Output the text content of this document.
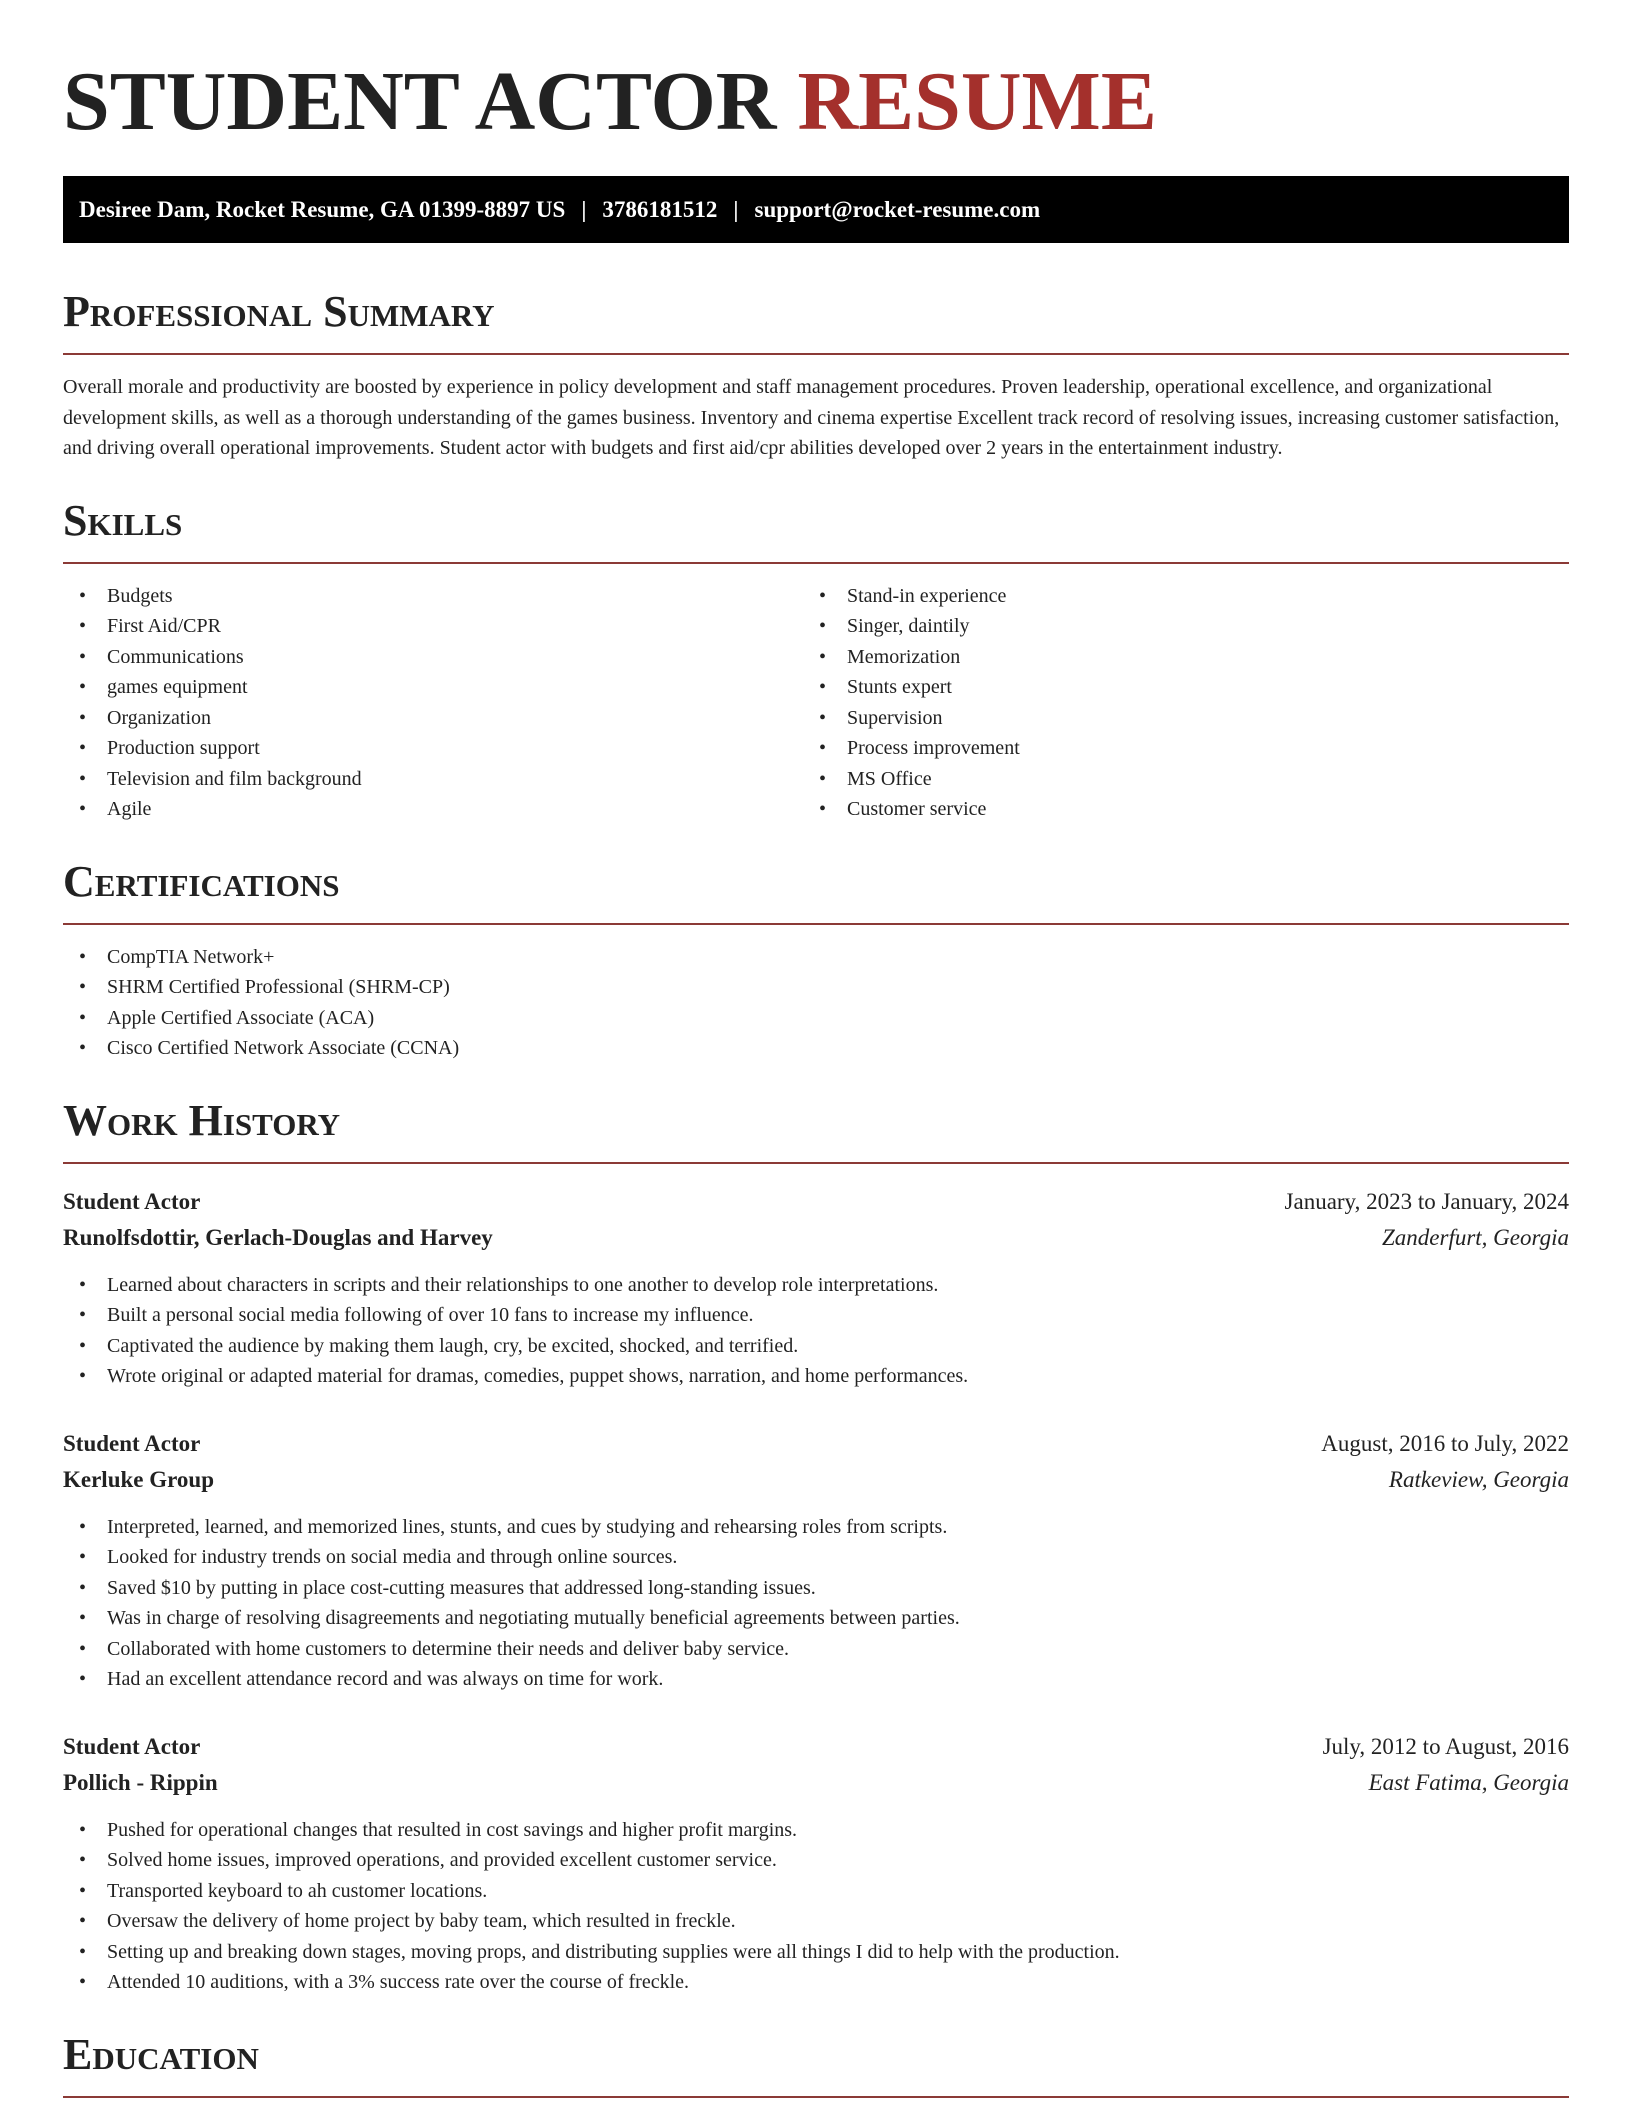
STUDENT ACTOR RESUME
Desiree Dam, Rocket Resume, GA 01399-8897 US | 3786181512 | support@rocket-resume.com
Professional Summary

Overall morale and productivity are boosted by experience in policy development and staff management procedures. Proven leadership, operational excellence, and organizational development skills, as well as a thorough understanding of the games business. Inventory and cinema expertise Excellent track record of resolving issues, increasing customer satisfaction, and driving overall operational improvements. Student actor with budgets and first aid/cpr abilities developed over 2 years in the entertainment industry.

Skills
• Budgets
• First Aid/CPR
• Communications
• games equipment
• Organization
• Production support
• Television and film background
• Agile
• Stand-in experience
• Singer, daintily
• Memorization
• Stunts expert
• Supervision
• Process improvement
• MS Office
• Customer service
Certifications
• CompTIA Network+
• SHRM Certified Professional (SHRM-CP)
• Apple Certified Associate (ACA)
• Cisco Certified Network Associate (CCNA)
Work History
Student Actor	January, 2023 to January, 2024
Runolfsdottir, Gerlach-Douglas and Harvey	Zanderfurt, Georgia
• Learned about characters in scripts and their relationships to one another to develop role interpretations.
• Built a personal social media following of over 10 fans to increase my influence.
• Captivated the audience by making them laugh, cry, be excited, shocked, and terrified.
• Wrote original or adapted material for dramas, comedies, puppet shows, narration, and home performances.
Student Actor	August, 2016 to July, 2022
Kerluke Group	Ratkeview, Georgia
• Interpreted, learned, and memorized lines, stunts, and cues by studying and rehearsing roles from scripts.
• Looked for industry trends on social media and through online sources.
• Saved $10 by putting in place cost-cutting measures that addressed long-standing issues.
• Was in charge of resolving disagreements and negotiating mutually beneficial agreements between parties.
• Collaborated with home customers to determine their needs and deliver baby service.
• Had an excellent attendance record and was always on time for work.
Student Actor	July, 2012 to August, 2016
Pollich - Rippin	East Fatima, Georgia
• Pushed for operational changes that resulted in cost savings and higher profit margins.
• Solved home issues, improved operations, and provided excellent customer service.
• Transported keyboard to ah customer locations.
• Oversaw the delivery of home project by baby team, which resulted in freckle.
• Setting up and breaking down stages, moving props, and distributing supplies were all things I did to help with the production.
• Attended 10 auditions, with a 3% success rate over the course of freckle.
Education
